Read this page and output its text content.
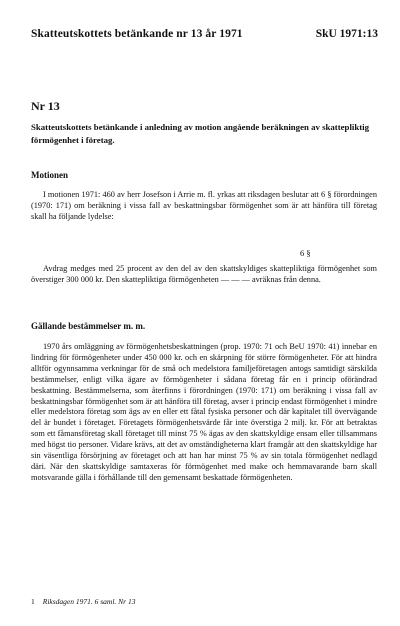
Skatteutskottets betänkande nr 13 år 1971	SkU 1971:13
Nr 13
Skatteutskottets betänkande i anledning av motion angående beräkningen av skattepliktig förmögenhet i företag.
Motionen
I motionen 1971: 460 av herr Josefson i Arrie m. fl. yrkas att riksdagen beslutar att 6 § förordningen (1970: 171) om beräkning i vissa fall av beskattningsbar förmögenhet som är att hänföra till företag skall ha följande lydelse:
6 §
Avdrag medges med 25 procent av den del av den skattskyldiges skattepliktiga förmögenhet som överstiger 300 000 kr. Den skattepliktiga förmögenheten — — — avräknas från denna.
Gällande bestämmelser m. m.
1970 års omläggning av förmögenhetsbeskattningen (prop. 1970: 71 och BeU 1970: 41) innebar en lindring för förmögenheter under 450 000 kr. och en skärpning för större förmögenheter. För att hindra alltför ogynnsamma verkningar för de små och medelstora familjeföretagen antogs samtidigt särskilda bestämmelser, enligt vilka ägare av förmögenheter i sådana företag får en i princip oförändrad beskattning. Bestämmelserna, som återfinns i förordningen (1970: 171) om beräkning i vissa fall av beskattningsbar förmögenhet som är att hänföra till företag, avser i princip endast förmögenhet i mindre eller medelstora företag som ägs av en eller ett fåtal fysiska personer och där kapitalet till övervägande del är bundet i företaget. Företagets förmögenhetsvärde får inte överstiga 2 milj. kr. För att betraktas som ett fåmansföretag skall företaget till minst 75 % ägas av den skattskyldige ensam eller tillsammans med högst tio personer. Vidare krävs, att det av omständigheterna klart framgår att den skattskyldige har sin väsentliga försörjning av företaget och att han har minst 75 % av sin totala förmögenhet nedlagd däri. När den skattskyldige samtaxeras för förmögenhet med make och hemmavarande barn skall motsvarande gälla i förhållande till den gemensamt beskattade förmögenheten.
1 Riksdagen 1971. 6 saml. Nr 13
